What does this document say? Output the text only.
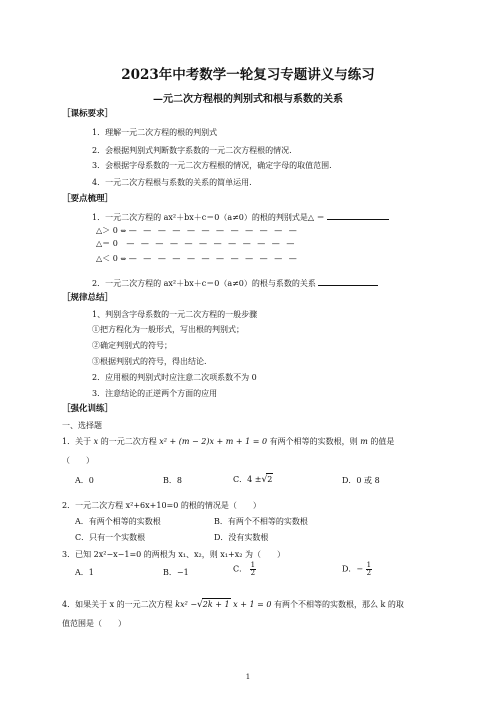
2023年中考数学一轮复习专题讲义与练习
—元二次方程根的判别式和根与系数的关系
［课标要求］
1．理解一元二次方程的根的判别式
2．会根据判别式判断数字系数的一元二次方程根的情况.
3．会根据字母系数的一元二次方程根的情况，确定字母的取值范围.
4．一元二次方程根与系数的关系的简单运用.
［要点梳理］
1．一元二次方程的 ax²＋bx＋c＝0（a≠0）的根的判别式是△ ＝
△＞ 0 ⇔ — — — — — — — — — — — —
△＝ 0 — — — — — — — — — — — —
△＜ 0 ⇔ — — — — — — — — — — — —
2．一元二次方程的 ax²＋bx＋c＝0（a≠0）的根与系数的关系
［规律总结］
1、判别含字母系数的一元二次方程的一般步骤
①把方程化为一般形式，写出根的判别式；
②确定判别式的符号；
③根据判别式的符号，得出结论.
2．应用根的判别式时应注意二次项系数不为 0
3．注意结论的正逆两个方面的应用
［强化训练］
一、选择题
1．关于 x 的一元二次方程 x² + (m − 2)x + m + 1 = 0 有两个相等的实数根，则 m 的值是
（　　）
A．0	B．8	C．4 ±√2	D．0 或 8
2．一元二次方程 x²+6x+10=0 的根的情况是（　　）
A．有两个相等的实数根	B．有两个不相等的实数根
C．只有一个实数根	D．没有实数根
3．已知 2x²−x−1=0 的两根为 x₁、x₂，则 x₁+x₂ 为（　　）
A．1	B．−1	C． $\frac{1}{2}$	D．− $\frac{1}{2}$
4．如果关于 x 的一元二次方程 kx² −√2k + 1 x + 1 = 0 有两个不相等的实数根，那么 k 的取
值范围是（　　）
1
